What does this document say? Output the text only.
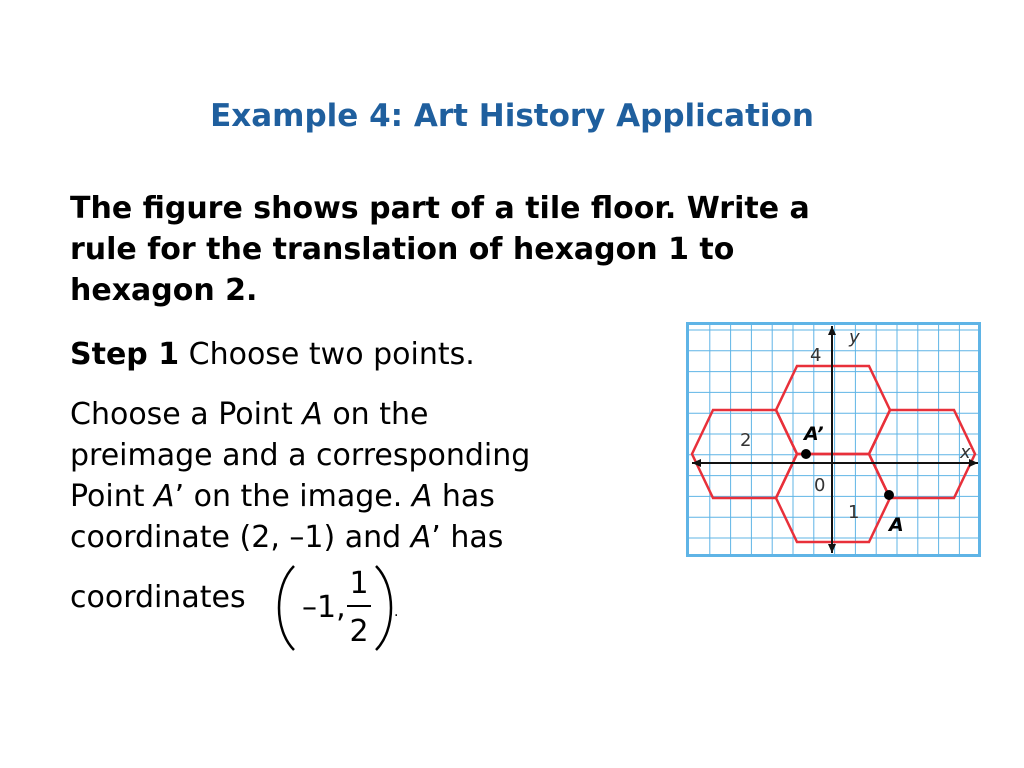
Example 4: Art History Application
The figure shows part of a tile floor. Write a
rule for the translation of hexagon 1 to
hexagon 2.
Step 1 Choose two points.
Choose a Point A on the
preimage and a corresponding
Point A’ on the image. A has
coordinate (2, –1) and A’ has
coordinates –1,
1
2
.
y
x
4
2
0
1
A’
A
